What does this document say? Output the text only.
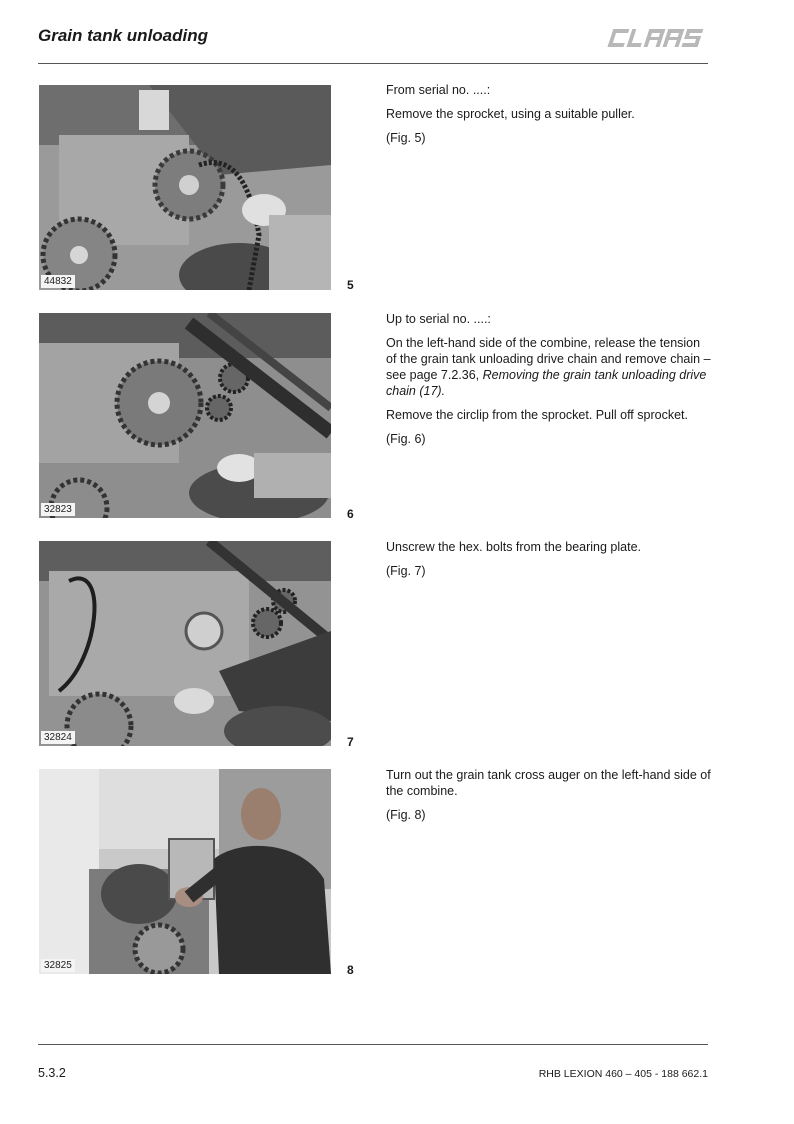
Grain tank unloading
44832	5

From serial no. ....:

Remove the sprocket, using a suitable puller.

(Fig. 5)

32823	6

Up to serial no. ....:

On the left-hand side of the combine, release the tension of the grain tank unloading drive chain and remove chain – see page 7.2.36, Removing the grain tank unloading drive chain (17).

Remove the circlip from the sprocket. Pull off sprocket.

(Fig. 6)

32824	7

Unscrew the hex. bolts from the bearing plate.

(Fig. 7)

32825	8

Turn out the grain tank cross auger on the left-hand side of the combine.

(Fig. 8)

5.3.2	RHB LEXION 460 – 405 - 188 662.1
